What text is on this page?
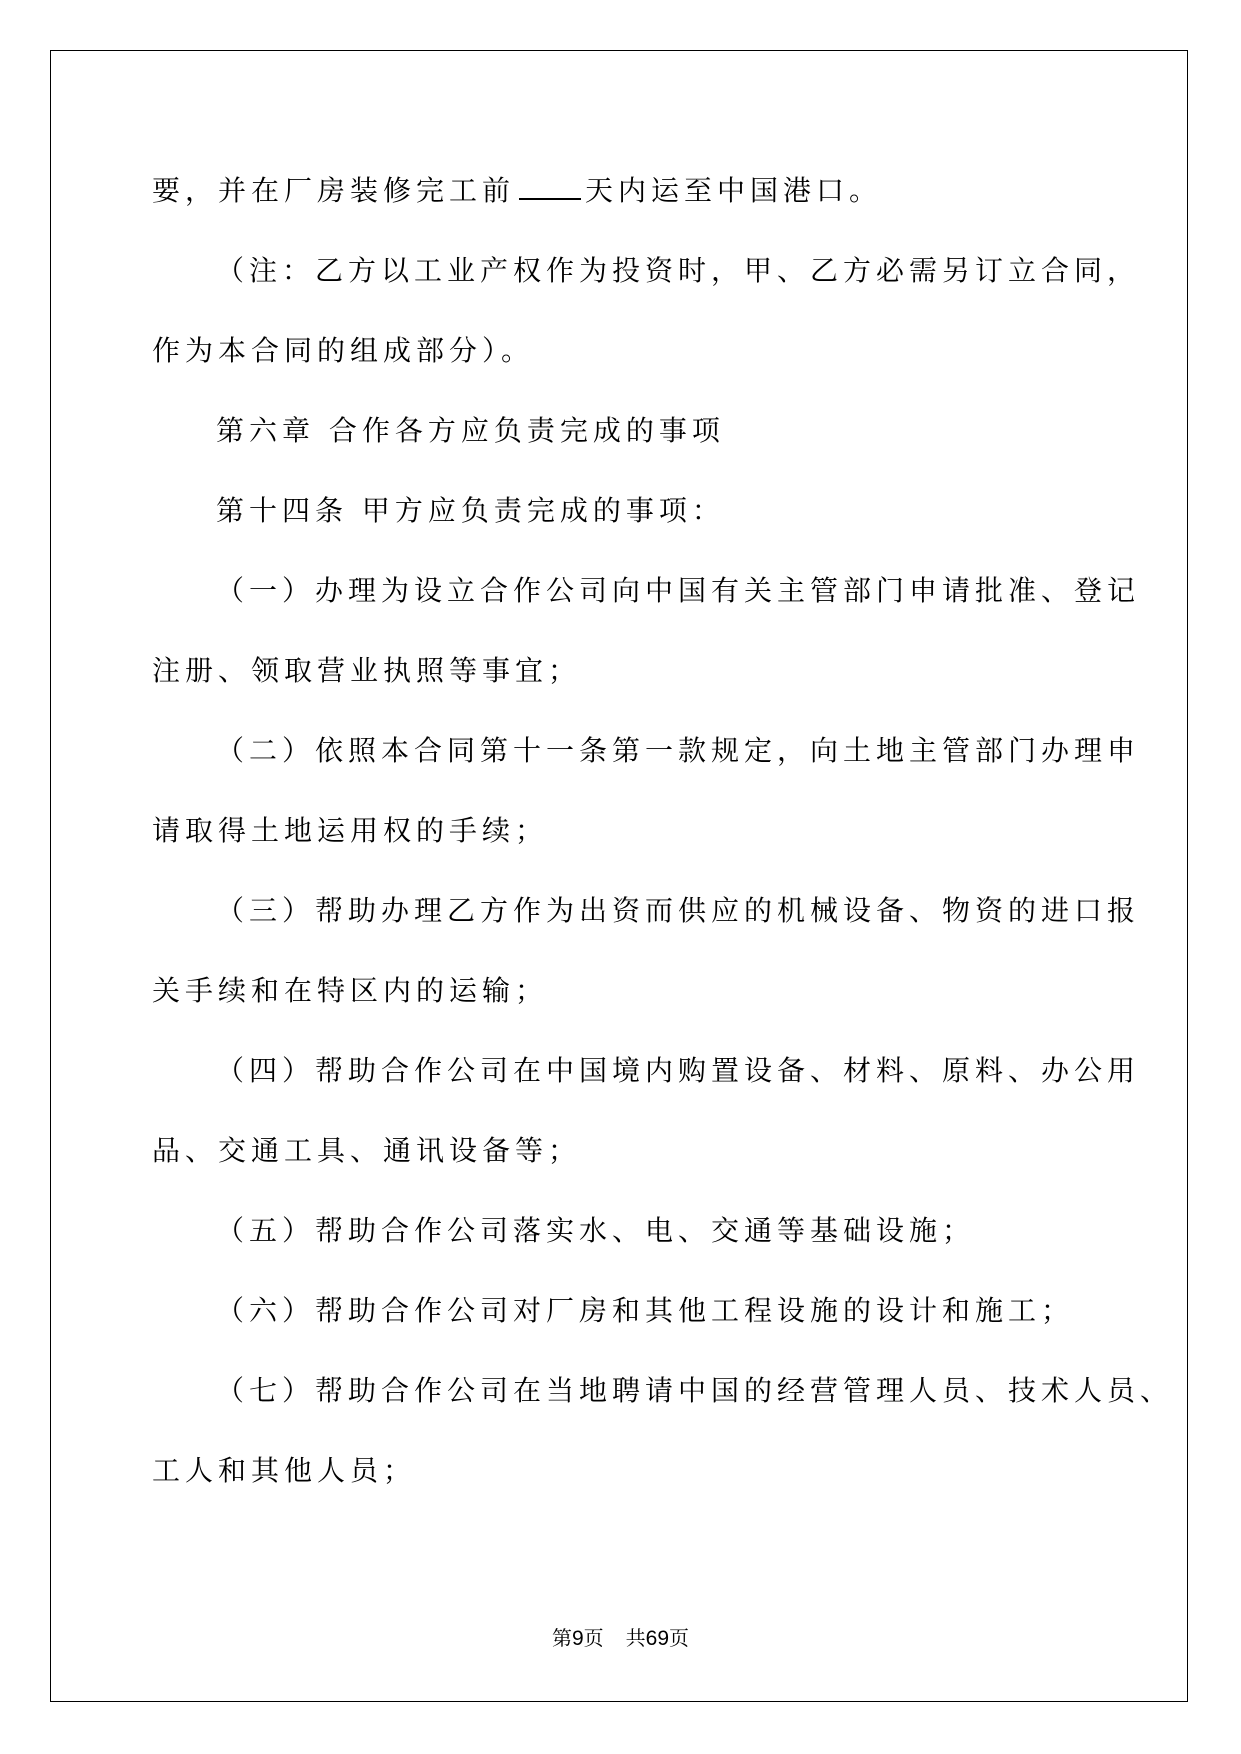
要，并在厂房装修完工前	天内运至中国港口。
（注：乙方以工业产权作为投资时，甲、乙方必需另订立合同，
作为本合同的组成部分）。
第六章 合作各方应负责完成的事项
第十四条 甲方应负责完成的事项：
（一）办理为设立合作公司向中国有关主管部门申请批准、登记
注册、领取营业执照等事宜；
（二）依照本合同第十一条第一款规定，向土地主管部门办理申
请取得土地运用权的手续；
（三）帮助办理乙方作为出资而供应的机械设备、物资的进口报
关手续和在特区内的运输；
（四）帮助合作公司在中国境内购置设备、材料、原料、办公用
品、交通工具、通讯设备等；
（五）帮助合作公司落实水、电、交通等基础设施；
（六）帮助合作公司对厂房和其他工程设施的设计和施工；
（七）帮助合作公司在当地聘请中国的经营管理人员、技术人员、
工人和其他人员；
第9页 共69页
